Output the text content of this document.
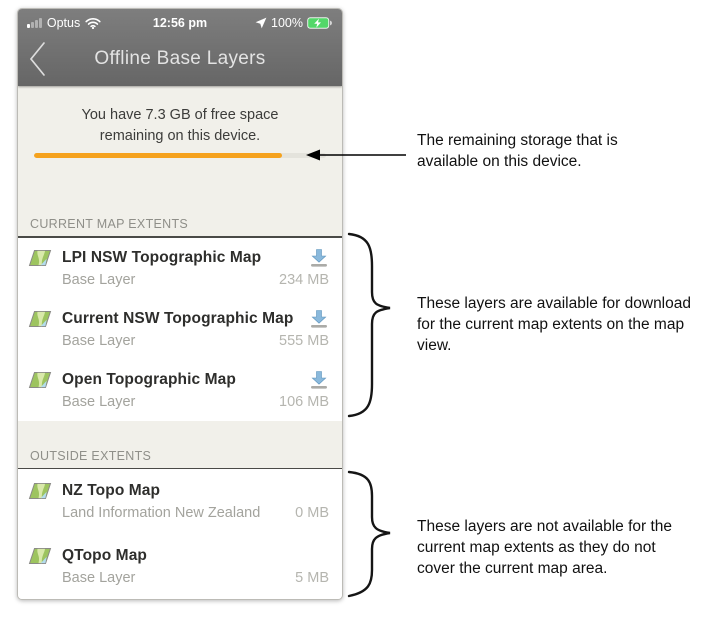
Optus	12:56 pm	100%
Offline Base Layers
You have 7.3 GB of free space
remaining on this device.
CURRENT MAP EXTENTS
LPI NSW Topographic Map
Base Layer	234 MB
Current NSW Topographic Map
Base Layer	555 MB
Open Topographic Map
Base Layer	106 MB
OUTSIDE EXTENTS
NZ Topo Map
Land Information New Zealand 0 MB
QTopo Map
Base Layer	5 MB
The remaining storage that is available on this device.
These layers are available for download for the current map extents on the map view.
These layers are not available for the current map extents as they do not cover the current map area.
